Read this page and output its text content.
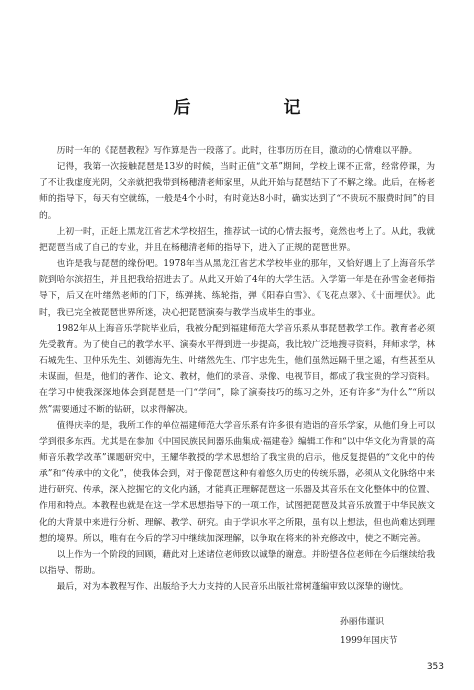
后　记

历时一年的《琵琶教程》写作算是告一段落了。此时，往事历历在目，激动的心情难以平静。

记得，我第一次接触琵琶是13岁的时候，当时正值“文革”期间，学校上课不正常，经常停课，为了不让我虚度光阴，父亲就把我带到杨穗清老师家里，从此开始与琵琶结下了不解之缘。此后，在杨老师的指导下，每天有空就练，一般是4个小时，有时竟达8小时，确实达到了“不贵玩不服费时间”的目的。

上初一时，正赶上黑龙江省艺术学校招生，推荐试一试的心情去报考，竟然也考上了。从此，我就把琵琶当成了自己的专业，并且在杨穗清老师的指导下，进入了正规的琵琶世界。

也许是我与琵琶的缘份吧。1978年当从黑龙江省艺术学校毕业的那年，又恰好遇上了上海音乐学院到哈尔滨招生，并且把我给招进去了。从此又开始了4年的大学生活。入学第一年是在孙雪金老师指导下，后又在叶绪然老师的门下，练弹挑、练轮指，弹《阳春白雪》、《飞花点翠》、《十面埋伏》。此时，我已完全被琵琶世界所迷，决心把琵琶演奏与教学当成毕生的事业。

1982年从上海音乐学院毕业后，我被分配到福建师范大学音乐系从事琵琶教学工作。教育者必须先受教育。为了使自己的教学水平、演奏水平得到进一步提高，我比较广泛地搜寻资料，拜师求学，林石城先生、卫仲乐先生、刘德海先生、叶绪然先生、邝宇忠先生，他们虽然远隔千里之遥，有些甚至从未谋面，但是，他们的著作、论文、教材，他们的录音、录像、电视节目，都成了我宝贵的学习资料。在学习中使我深深地体会到琵琶是一门“学问”，除了演奏技巧的练习之外，还有许多“为什么”“所以然”需要通过不断的钻研，以求得解决。

值得庆幸的是，我所工作的单位福建师范大学音乐系有许多很有造诣的音乐学家，从他们身上可以学到很多东西。尤其是在参加《中国民族民间器乐曲集成·福建卷》编辑工作和“以中华文化为背景的高师音乐教学改革”课题研究中，王耀华教授的学术思想给了我宝贵的启示，他反复提倡的“文化中的传承”和“传承中的文化”，使我体会到，对于像琵琶这种有着悠久历史的传统乐器，必须从文化脉络中来进行研究、传承，深入挖掘它的文化内涵，才能真正理解琵琶这一乐器及其音乐在文化整体中的位置、作用和特点。本教程也就是在这一学术思想指导下的一项工作，试图把琵琶及其音乐放置于中华民族文化的大背景中来进行分析、理解、教学、研究。由于学识水平之所限，虽有以上想法，但也尚难达到理想的境界。所以，唯有在今后的学习中继续加深理解，以争取在将来的补充修改中，使之不断完善。

以上作为一个阶段的回顾，藉此对上述诸位老师致以诚挚的谢意。并盼望各位老师在今后继续给我以指导、帮助。

最后，对为本教程写作、出版给予大力支持的人民音乐出版社常树蓬编审致以深挚的谢忱。

孙丽伟谨识
1999年国庆节
353
